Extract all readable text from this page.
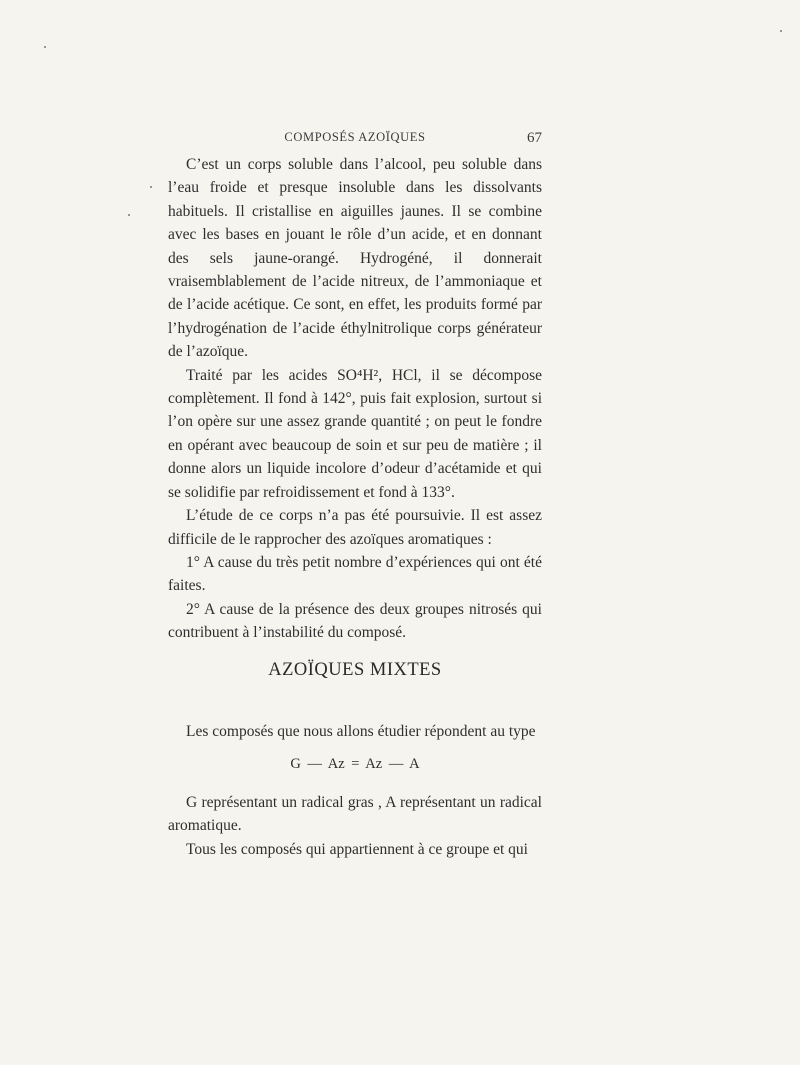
COMPOSÉS AZOÏQUES	67

C’est un corps soluble dans l’alcool, peu soluble dans l’eau froide et presque insoluble dans les dissolvants habituels. Il cristallise en aiguilles jaunes. Il se combine avec les bases en jouant le rôle d’un acide, et en donnant des sels jaune-orangé. Hydrogéné, il donnerait vraisemblablement de l’acide nitreux, de l’ammoniaque et de l’acide acétique. Ce sont, en effet, les produits formé par l’hydrogénation de l’acide éthylnitrolique corps générateur de l’azoïque.

Traité par les acides SO⁴H², HCl, il se décompose complètement. Il fond à 142°, puis fait explosion, surtout si l’on opère sur une assez grande quantité ; on peut le fondre en opérant avec beaucoup de soin et sur peu de matière ; il donne alors un liquide incolore d’odeur d’acétamide et qui se solidifie par refroidissement et fond à 133°.

L’étude de ce corps n’a pas été poursuivie. Il est assez difficile de le rapprocher des azoïques aromatiques :

1° A cause du très petit nombre d’expériences qui ont été faites.

2° A cause de la présence des deux groupes nitrosés qui contribuent à l’instabilité du composé.

AZOÏQUES MIXTES

Les composés que nous allons étudier répondent au type

G — Az = Az — A

G représentant un radical gras , A représentant un radical aromatique.

Tous les composés qui appartiennent à ce groupe et qui
